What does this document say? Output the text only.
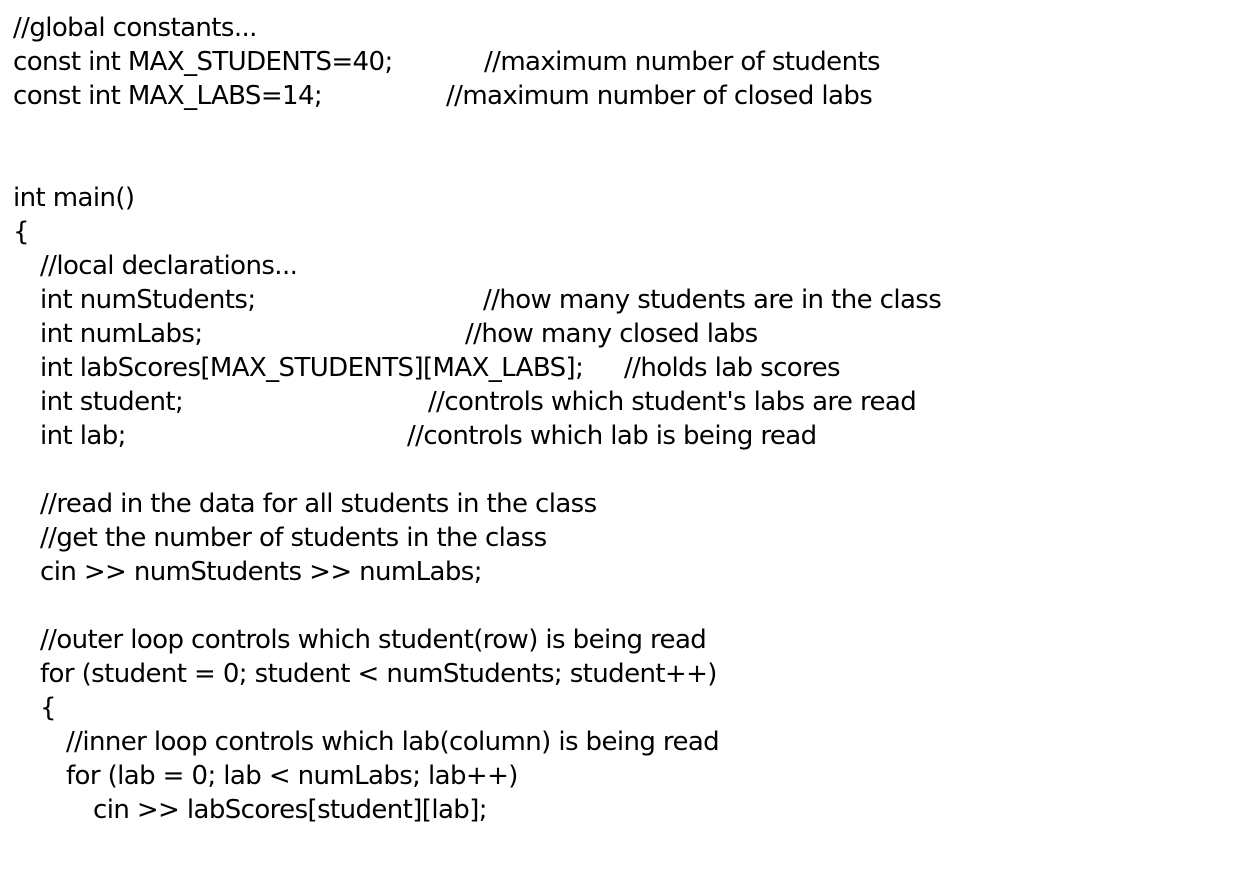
//global constants...

const int MAX_STUDENTS=40;

	//maximum number of students

const int MAX_LABS=14;

	//maximum number of closed labs

int main()

{

//local declarations...

int numStudents;

	//how many students are in the class

int numLabs;

	//how many closed labs

int labScores[MAX_STUDENTS][MAX_LABS];

//holds lab scores

int student;

	//controls which student's labs are read

int lab;

	//controls which lab is being read

//read in the data for all students in the class

//get the number of students in the class

cin >> numStudents >> numLabs;

//outer loop controls which student(row) is being read

for (student = 0; student < numStudents; student++)

{

//inner loop controls which lab(column) is being read

for (lab = 0; lab < numLabs; lab++)

cin >> labScores[student][lab];
